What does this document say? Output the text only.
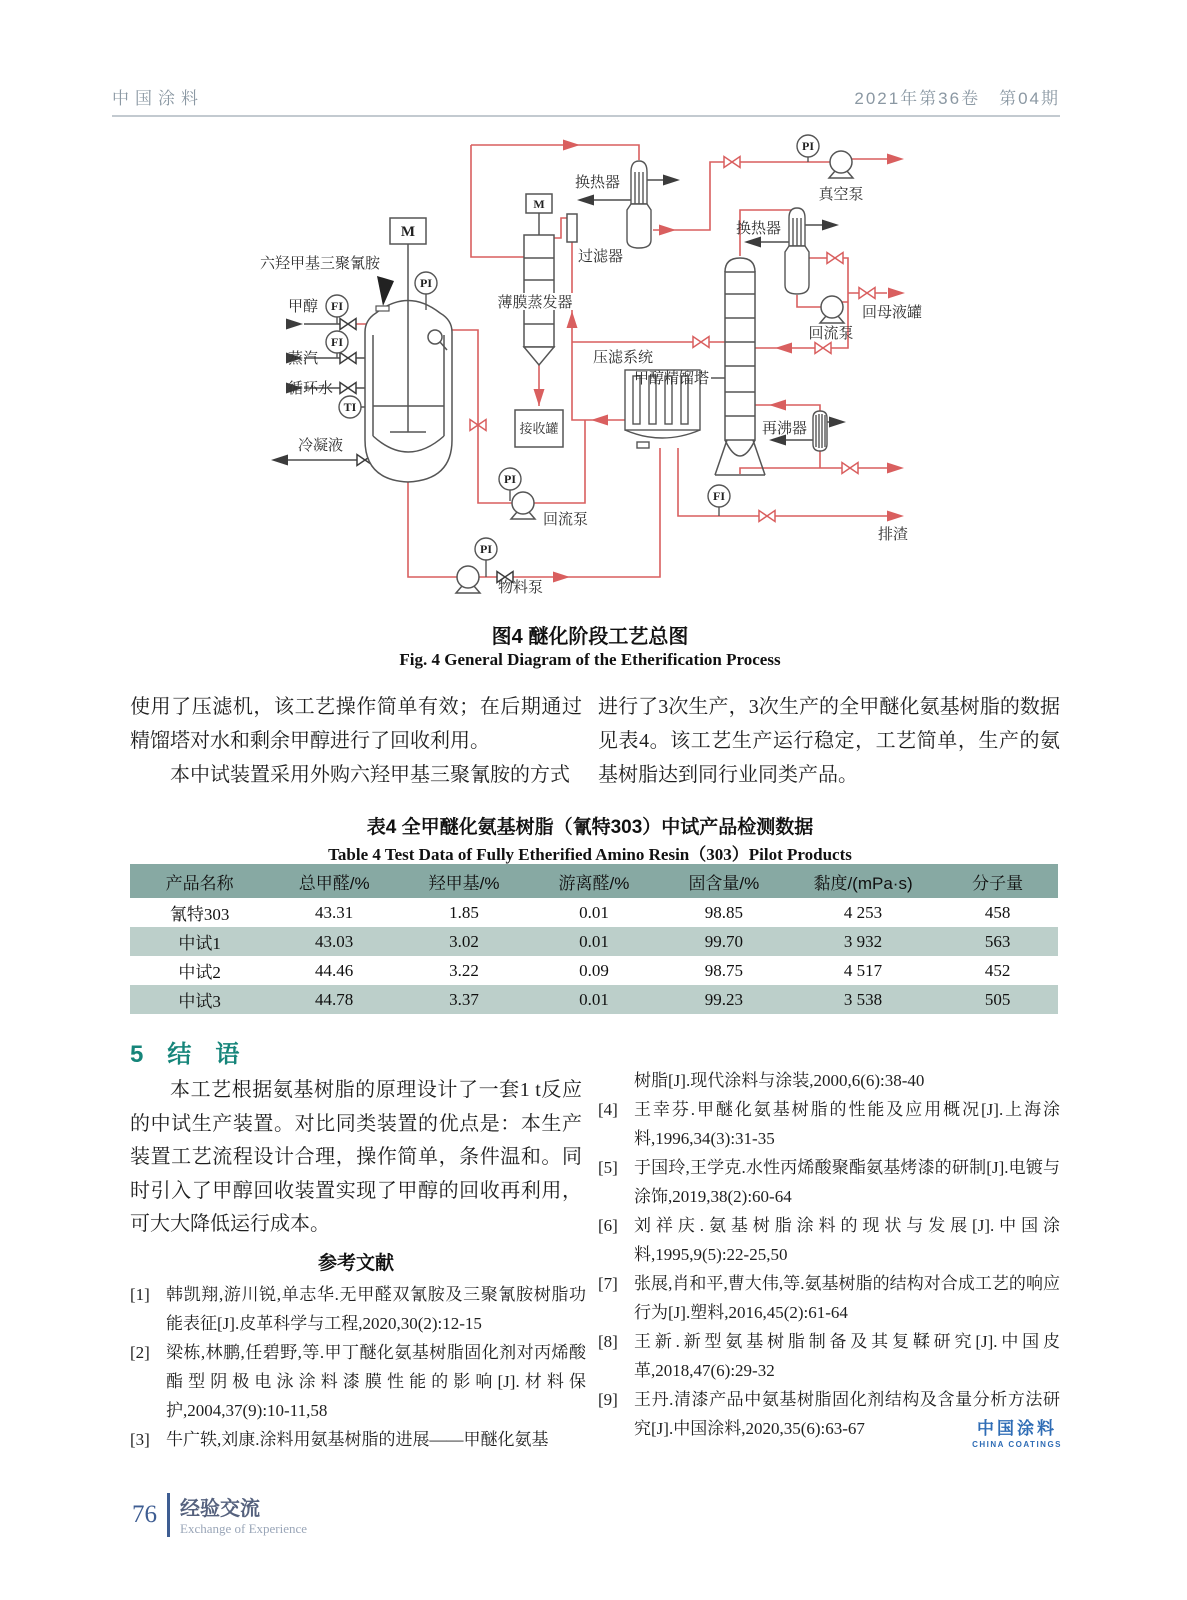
中国涂料	2021年第36卷　第04期
M
M
PI
FI
FI
TI
PI
PI
PI
FI
六羟甲基三聚氰胺
甲醇
蒸汽
循环水
冷凝液
换热器
过滤器
薄膜蒸发器
接收罐
压滤系统
甲醇精馏塔
真空泵
换热器
回母液罐
回流泵
回流泵
再沸器
排渣
物料泵
图4 醚化阶段工艺总图
Fig. 4 General Diagram of the Etherification Process
使用了压滤机，该工艺操作简单有效；在后期通过精馏塔对水和剩余甲醇进行了回收利用。
本中试装置采用外购六羟甲基三聚氰胺的方式
进行了3次生产，3次生产的全甲醚化氨基树脂的数据见表4。该工艺生产运行稳定，工艺简单，生产的氨基树脂达到同行业同类产品。
表4 全甲醚化氨基树脂（氰特303）中试产品检测数据
Table 4 Test Data of Fully Etherified Amino Resin（303）Pilot Products
产品名称	总甲醛/%	羟甲基/%	游离醛/%	固含量/%	黏度/(mPa·s)	分子量
氰特303	43.31	1.85	0.01	98.85	4 253	458
中试1	43.03	3.02	0.01	99.70	3 932	563
中试2	44.46	3.22	0.09	98.75	4 517	452
中试3	44.78	3.37	0.01	99.23	3 538	505
5　结　语
本工艺根据氨基树脂的原理设计了一套1 t反应的中试生产装置。对比同类装置的优点是：本生产装置工艺流程设计合理，操作简单，条件温和。同时引入了甲醇回收装置实现了甲醇的回收再利用，可大大降低运行成本。
参考文献
[1] 韩凯翔,游川锐,单志华.无甲醛双氰胺及三聚氰胺树脂功能表征[J].皮革科学与工程,2020,30(2):12-15
[2] 梁栋,林鹏,任碧野,等.甲丁醚化氨基树脂固化剂对丙烯酸酯型阴极电泳涂料漆膜性能的影响[J].材料保护,2004,37(9):10-11,58
[3] 牛广轶,刘康.涂料用氨基树脂的进展——甲醚化氨基
树脂[J].现代涂料与涂装,2000,6(6):38-40
[4] 王幸芬.甲醚化氨基树脂的性能及应用概况[J].上海涂料,1996,34(3):31-35
[5] 于国玲,王学克.水性丙烯酸聚酯氨基烤漆的研制[J].电镀与涂饰,2019,38(2):60-64
[6] 刘祥庆.氨基树脂涂料的现状与发展[J].中国涂料,1995,9(5):22-25,50
[7] 张展,肖和平,曹大伟,等.氨基树脂的结构对合成工艺的响应行为[J].塑料,2016,45(2):61-64
[8] 王新.新型氨基树脂制备及其复鞣研究[J].中国皮革,2018,47(6):29-32
[9] 王丹.清漆产品中氨基树脂固化剂结构及含量分析方法研究[J].中国涂料,2020,35(6):63-67	中国涂料
CHINA COATINGS
76 经验交流
Exchange of Experience
